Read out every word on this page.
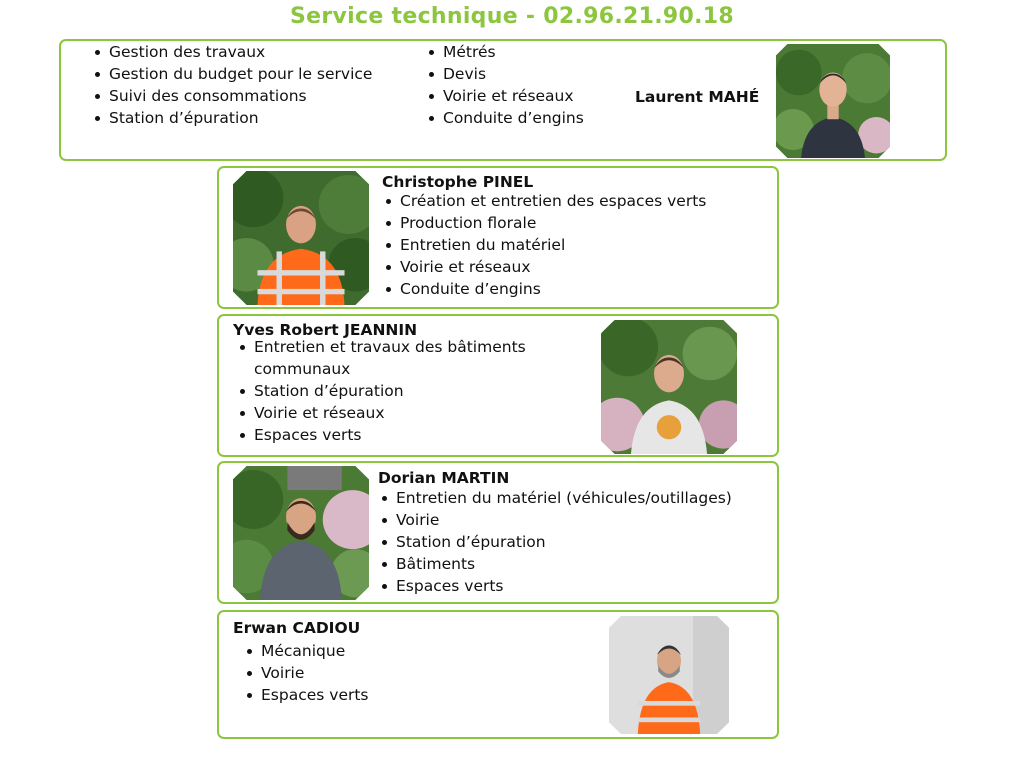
Service technique - 02.96.21.90.18
Gestion des travaux
Gestion du budget pour le service
Suivi des consommations
Station d’épuration
Métrés
Devis
Voirie et réseaux
Conduite d’engins
Laurent MAHÉ
Christophe PINEL
Création et entretien des espaces verts
Production florale
Entretien du matériel
Voirie et réseaux
Conduite d’engins
Yves Robert JEANNIN
Entretien et travaux des bâtiments communaux
Station d’épuration
Voirie et réseaux
Espaces verts
Dorian MARTIN
Entretien du matériel (véhicules/outillages)
Voirie
Station d’épuration
Bâtiments
Espaces verts
Erwan CADIOU
Mécanique
Voirie
Espaces verts
